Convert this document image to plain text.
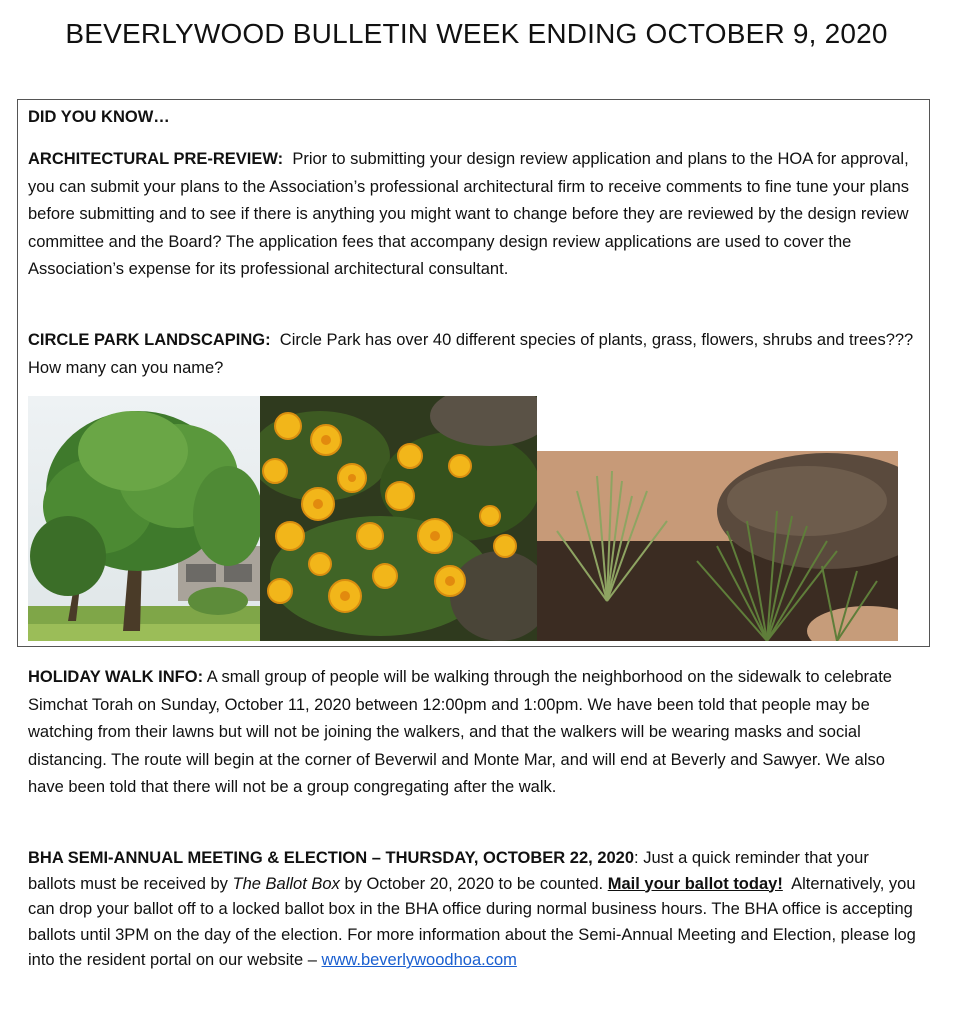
BEVERLYWOOD BULLETIN WEEK ENDING OCTOBER 9, 2020

DID YOU KNOW…

ARCHITECTURAL PRE-REVIEW: Prior to submitting your design review application and plans to the HOA for approval, you can submit your plans to the Association’s professional architectural firm to receive comments to fine tune your plans before submitting and to see if there is anything you might want to change before they are reviewed by the design review committee and the Board? The application fees that accompany design review applications are used to cover the Association’s expense for its professional architectural consultant.

CIRCLE PARK LANDSCAPING: Circle Park has over 40 different species of plants, grass, flowers, shrubs and trees??? How many can you name?

HOLIDAY WALK INFO: A small group of people will be walking through the neighborhood on the sidewalk to celebrate Simchat Torah on Sunday, October 11, 2020 between 12:00pm and 1:00pm. We have been told that people may be watching from their lawns but will not be joining the walkers, and that the walkers will be wearing masks and social distancing. The route will begin at the corner of Beverwil and Monte Mar, and will end at Beverly and Sawyer. We also have been told that there will not be a group congregating after the walk.

BHA SEMI-ANNUAL MEETING & ELECTION – THURSDAY, OCTOBER 22, 2020: Just a quick reminder that your ballots must be received by The Ballot Box by October 20, 2020 to be counted. Mail your ballot today! Alternatively, you can drop your ballot off to a locked ballot box in the BHA office during normal business hours. The BHA office is accepting ballots until 3PM on the day of the election. For more information about the Semi-Annual Meeting and Election, please log into the resident portal on our website – www.beverlywoodhoa.com
